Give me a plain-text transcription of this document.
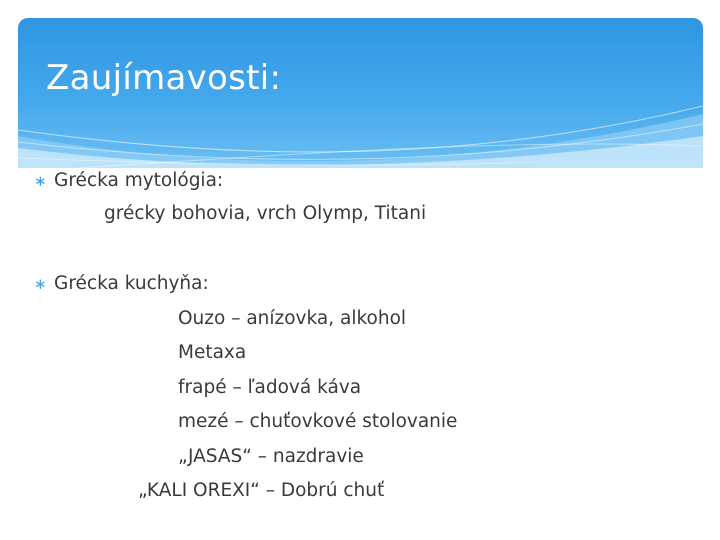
Zaujímavosti:
∗ Grécka mytológia:
grécky bohovia, vrch Olymp, Titani
∗ Grécka kuchyňa:
Ouzo – anízovka, alkohol
Metaxa
frapé – ľadová káva
mezé – chuťovkové stolovanie
„JASAS“ – nazdravie
„KALI OREXI“ – Dobrú chuť
